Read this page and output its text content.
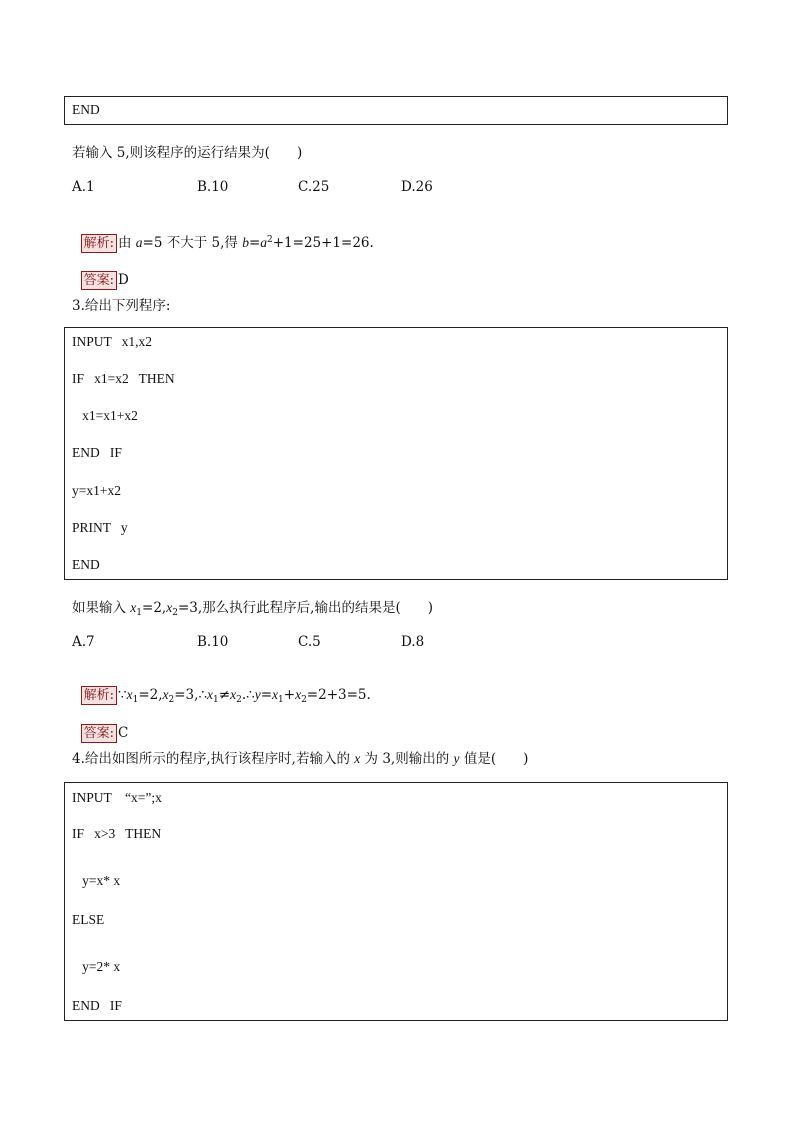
END
若输入 5,则该程序的运行结果为(　　)
A.1	B.10	C.25	D.26

解析: 由 a=5 不大于 5,得 $b=a^2+1=25+1=26$.

答案: D

3.给出下列程序:
INPUT   x1,x2
IF   x1=x2   THEN
x1=x1+x2
END   IF
y=x1+x2
PRINT   y
END
如果输入 $x_1=2,x_2=3$,那么执行此程序后,输出的结果是(　　)
A.7	B.10	C.5	D.8

解析: $\because x_1=2,x_2=3,\therefore x_1\ne x_2.\therefore y=x_1+x_2=2+3=5$.

答案: C

4.给出如图所示的程序,执行该程序时,若输入的 x 为 3,则输出的 y 值是(　　)
INPUT    “x=”;x
IF   x>3   THEN
y=x* x
ELSE
y=2* x
END   IF
